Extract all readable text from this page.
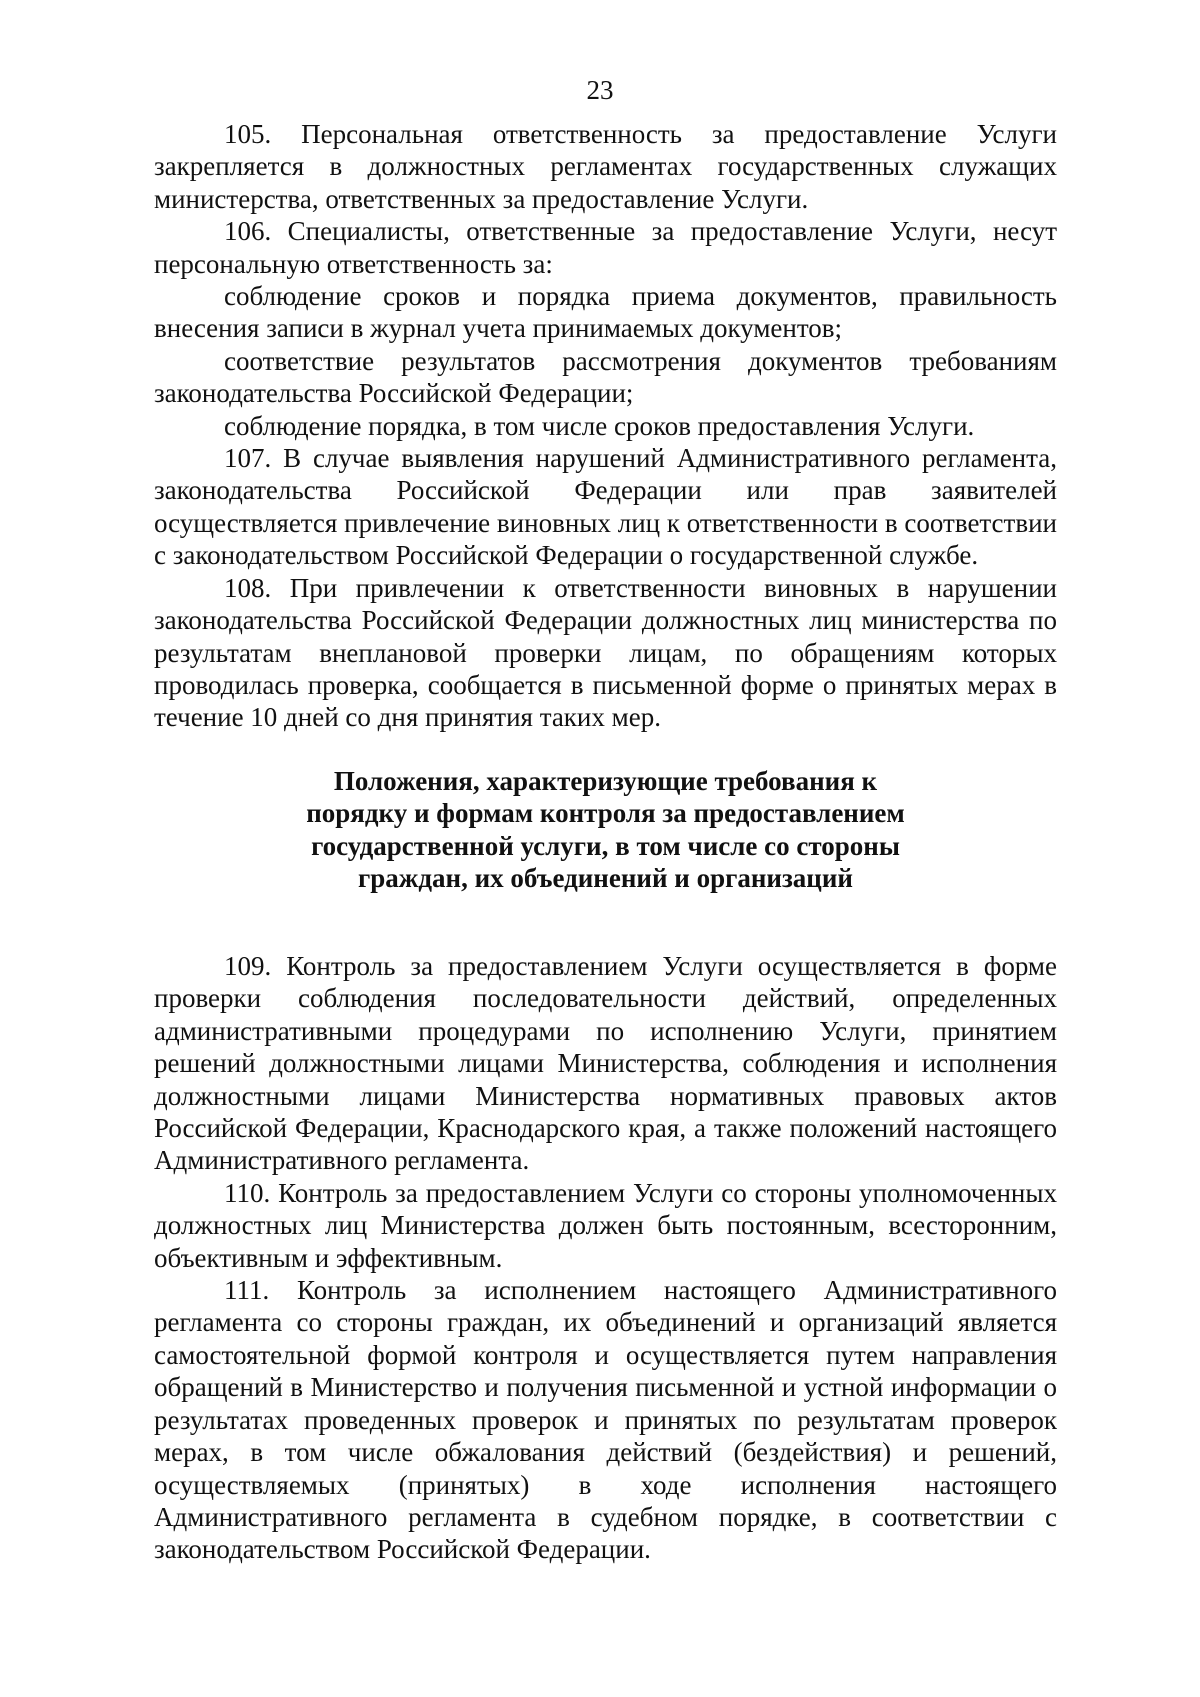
23

105. Персональная ответственность за предоставление Услуги закрепляется в должностных регламентах государственных служащих министерства, ответственных за предоставление Услуги.

106. Специалисты, ответственные за предоставление Услуги, несут персональную ответственность за:

соблюдение сроков и порядка приема документов, правильность внесения записи в журнал учета принимаемых документов;

соответствие результатов рассмотрения документов требованиям законодательства Российской Федерации;

соблюдение порядка, в том числе сроков предоставления Услуги.

107. В случае выявления нарушений Административного регламента, законодательства Российской Федерации или прав заявителей осуществляется привлечение виновных лиц к ответственности в соответствии с законодательством Российской Федерации о государственной службе.

108. При привлечении к ответственности виновных в нарушении законодательства Российской Федерации должностных лиц министерства по результатам внеплановой проверки лицам, по обращениям которых проводилась проверка, сообщается в письменной форме о принятых мерах в течение 10 дней со дня принятия таких мер.

Положения, характеризующие требования к
порядку и формам контроля за предоставлением
государственной услуги, в том числе со стороны
граждан, их объединений и организаций

109. Контроль за предоставлением Услуги осуществляется в форме проверки соблюдения последовательности действий, определенных административными процедурами по исполнению Услуги, принятием решений должностными лицами Министерства, соблюдения и исполнения должностными лицами Министерства нормативных правовых актов Российской Федерации, Краснодарского края, а также положений настоящего Административного регламента.

110. Контроль за предоставлением Услуги со стороны уполномоченных должностных лиц Министерства должен быть постоянным, всесторонним, объективным и эффективным.

111. Контроль за исполнением настоящего Административного регламента со стороны граждан, их объединений и организаций является самостоятельной формой контроля и осуществляется путем направления обращений в Министерство и получения письменной и устной информации о результатах проведенных проверок и принятых по результатам проверок мерах, в том числе обжалования действий (бездействия) и решений, осуществляемых (принятых) в ходе исполнения настоящего Административного регламента в судебном порядке, в соответствии с законодательством Российской Федерации.
